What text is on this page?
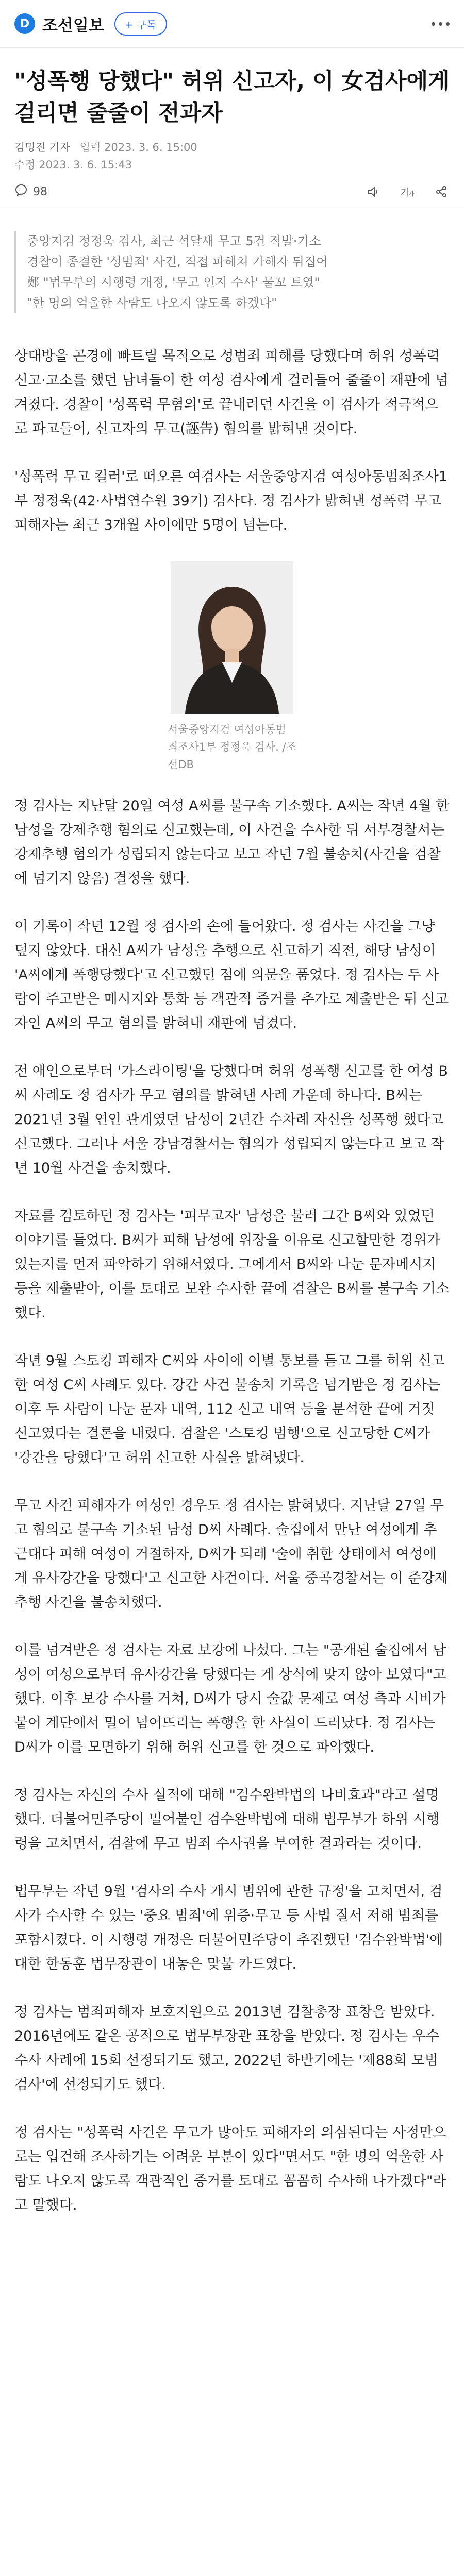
D 조선일보	+ 구독
"성폭행 당했다" 허위 신고자, 이 女검사에게 걸리면 줄줄이 전과자
김명진 기자 입력 2023. 3. 6. 15:00
수정 2023. 3. 6. 15:43
98	가
가

중앙지검 정정욱 검사, 최근 석달새 무고 5건 적발·기소

경찰이 종결한 '성범죄' 사건, 직접 파헤쳐 가해자 뒤집어

鄭 "법무부의 시행령 개정, '무고 인지 수사' 물꼬 트였"

"한 명의 억울한 사람도 나오지 않도록 하겠다"

상대방을 곤경에 빠트릴 목적으로 성범죄 피해를 당했다며 허위 성폭력 신고·고소를 했던 남녀들이 한 여성 검사에게 걸려들어 줄줄이 재판에 넘겨졌다. 경찰이 '성폭력 무혐의'로 끝내려던 사건을 이 검사가 적극적으로 파고들어, 신고자의 무고(誣告) 혐의를 밝혀낸 것이다.

'성폭력 무고 킬러'로 떠오른 여검사는 서울중앙지검 여성아동범죄조사1부 정정욱(42·사법연수원 39기) 검사다. 정 검사가 밝혀낸 성폭력 무고 피해자는 최근 3개월 사이에만 5명이 넘는다.

서울중앙지검 여성아동범죄조사1부 정정욱 검사. /조선DB

정 검사는 지난달 20일 여성 A씨를 불구속 기소했다. A씨는 작년 4월 한 남성을 강제추행 혐의로 신고했는데, 이 사건을 수사한 뒤 서부경찰서는 강제추행 혐의가 성립되지 않는다고 보고 작년 7월 불송치(사건을 검찰에 넘기지 않음) 결정을 했다.

이 기록이 작년 12월 정 검사의 손에 들어왔다. 정 검사는 사건을 그냥 덮지 않았다. 대신 A씨가 남성을 추행으로 신고하기 직전, 해당 남성이 'A씨에게 폭행당했다'고 신고했던 점에 의문을 품었다. 정 검사는 두 사람이 주고받은 메시지와 통화 등 객관적 증거를 추가로 제출받은 뒤 신고자인 A씨의 무고 혐의를 밝혀내 재판에 넘겼다.

전 애인으로부터 '가스라이팅'을 당했다며 허위 성폭행 신고를 한 여성 B씨 사례도 정 검사가 무고 혐의를 밝혀낸 사례 가운데 하나다. B씨는 2021년 3월 연인 관계였던 남성이 2년간 수차례 자신을 성폭행 했다고 신고했다. 그러나 서울 강남경찰서는 혐의가 성립되지 않는다고 보고 작년 10월 사건을 송치했다.

자료를 검토하던 정 검사는 '피무고자' 남성을 불러 그간 B씨와 있었던 이야기를 들었다. B씨가 피해 남성에 위장을 이유로 신고할만한 경위가 있는지를 먼저 파악하기 위해서였다. 그에게서 B씨와 나눈 문자메시지 등을 제출받아, 이를 토대로 보완 수사한 끝에 검찰은 B씨를 불구속 기소했다.

작년 9월 스토킹 피해자 C씨와 사이에 이별 통보를 듣고 그를 허위 신고한 여성 C씨 사례도 있다. 강간 사건 불송치 기록을 넘겨받은 정 검사는 이후 두 사람이 나눈 문자 내역, 112 신고 내역 등을 분석한 끝에 거짓 신고였다는 결론을 내렸다. 검찰은 '스토킹 범행'으로 신고당한 C씨가 '강간을 당했다'고 허위 신고한 사실을 밝혀냈다.

무고 사건 피해자가 여성인 경우도 정 검사는 밝혀냈다. 지난달 27일 무고 혐의로 불구속 기소된 남성 D씨 사례다. 술집에서 만난 여성에게 추근대다 피해 여성이 거절하자, D씨가 되레 '술에 취한 상태에서 여성에게 유사강간을 당했다'고 신고한 사건이다. 서울 중곡경찰서는 이 준강제추행 사건을 불송치했다.

이를 넘겨받은 정 검사는 자료 보강에 나섰다. 그는 "공개된 술집에서 남성이 여성으로부터 유사강간을 당했다는 게 상식에 맞지 않아 보였다"고 했다. 이후 보강 수사를 거쳐, D씨가 당시 술값 문제로 여성 측과 시비가 붙어 계단에서 밀어 넘어뜨리는 폭행을 한 사실이 드러났다. 정 검사는 D씨가 이를 모면하기 위해 허위 신고를 한 것으로 파악했다.

정 검사는 자신의 수사 실적에 대해 "검수완박법의 나비효과"라고 설명했다. 더불어민주당이 밀어붙인 검수완박법에 대해 법무부가 하위 시행령을 고치면서, 검찰에 무고 범죄 수사권을 부여한 결과라는 것이다.

법무부는 작년 9월 '검사의 수사 개시 범위에 관한 규정'을 고치면서, 검사가 수사할 수 있는 '중요 범죄'에 위증·무고 등 사법 질서 저해 범죄를 포함시켰다. 이 시행령 개정은 더불어민주당이 추진했던 '검수완박법'에 대한 한동훈 법무장관이 내놓은 맞불 카드였다.

정 검사는 범죄피해자 보호지원으로 2013년 검찰총장 표창을 받았다. 2016년에도 같은 공적으로 법무부장관 표창을 받았다. 정 검사는 우수 수사 사례에 15회 선정되기도 했고, 2022년 하반기에는 '제88회 모범 검사'에 선정되기도 했다.

정 검사는 "성폭력 사건은 무고가 많아도 피해자의 의심된다는 사정만으로는 입건해 조사하기는 어려운 부분이 있다"면서도 "한 명의 억울한 사람도 나오지 않도록 객관적인 증거를 토대로 꼼꼼히 수사해 나가겠다"라고 말했다.
